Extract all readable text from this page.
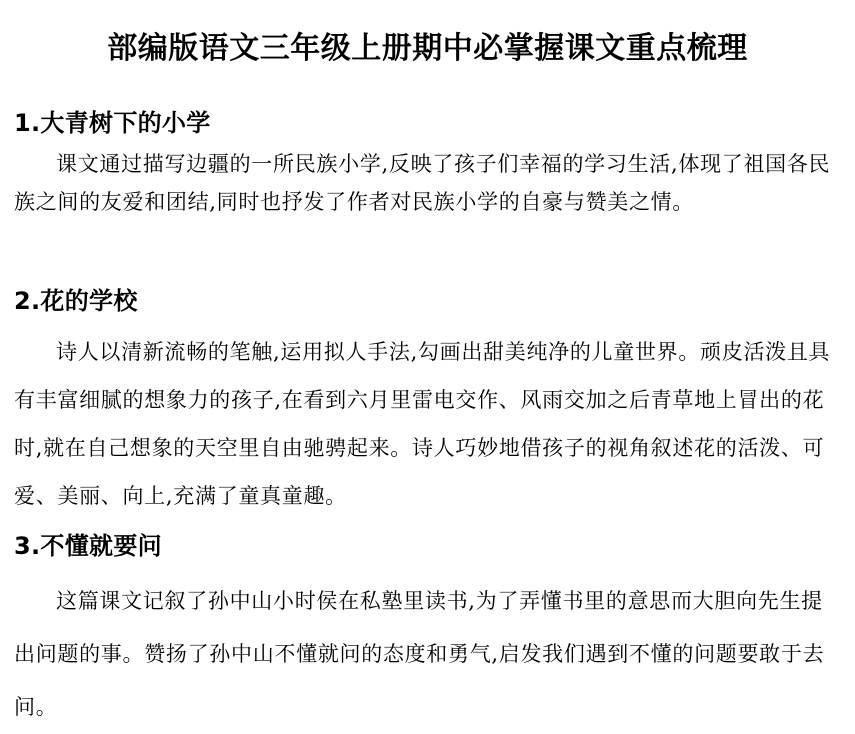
部编版语文三年级上册期中必掌握课文重点梳理
1.大青树下的小学

课文通过描写边疆的一所民族小学,反映了孩子们幸福的学习生活,体现了祖国各民族之间的友爱和团结,同时也抒发了作者对民族小学的自豪与赞美之情。

2.花的学校

诗人以清新流畅的笔触,运用拟人手法,勾画出甜美纯净的儿童世界。顽皮活泼且具有丰富细腻的想象力的孩子,在看到六月里雷电交作、风雨交加之后青草地上冒出的花时,就在自己想象的天空里自由驰骋起来。诗人巧妙地借孩子的视角叙述花的活泼、可爱、美丽、向上,充满了童真童趣。

3.不懂就要问

这篇课文记叙了孙中山小时侯在私塾里读书,为了弄懂书里的意思而大胆向先生提出问题的事。赞扬了孙中山不懂就问的态度和勇气,启发我们遇到不懂的问题要敢于去问。
